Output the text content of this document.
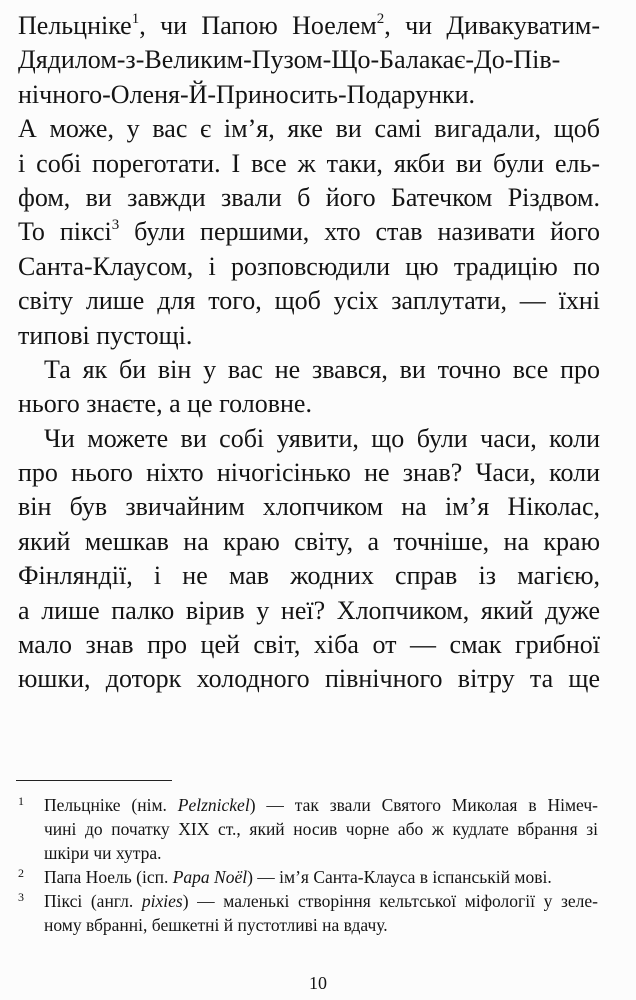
Пельцніке$^1$, чи Папою Ноелем$^2$, чи Дивакуватим-
Дядилом-з-Великим-Пузом-Що-Балакає-До-Пів-
нічного-Оленя-Й-Приносить-Подарунки.
А може, у вас є ім’я, яке ви самі вигадали, щоб
і собі пореготати. І все ж таки, якби ви були ель-
фом, ви завжди звали б його Батечком Різдвом.
То піксі$^3$ були першими, хто став називати його
Санта-Клаусом, і розповсюдили цю традицію по
світу лише для того, щоб усіх заплутати, — їхні
типові пустощі.
Та як би він у вас не звався, ви точно все про
нього знаєте, а це головне.
Чи можете ви собі уявити, що були часи, коли
про нього ніхто нічогісінько не знав? Часи, коли
він був звичайним хлопчиком на ім’я Ніколас,
який мешкав на краю світу, а точніше, на краю
Фінляндії, і не мав жодних справ із магією,
а лише палко вірив у неї? Хлопчиком, який дуже
мало знав про цей світ, хіба от — смак грибної
юшки, доторк холодного північного вітру та ще
1 Пельцніке (нім. Pelznickel) — так звали Святого Миколая в Німеч-
чині до початку XIX ст., який носив чорне або ж кудлате вбрання зі
шкіри чи хутра.
2 Папа Ноель (ісп. Papa Noël) — ім’я Санта-Клауса в іспанській мові.
3 Піксі (англ. pixies) — маленькі створіння кельтської міфології у зеле-
ному вбранні, бешкетні й пустотливі на вдачу.
10
